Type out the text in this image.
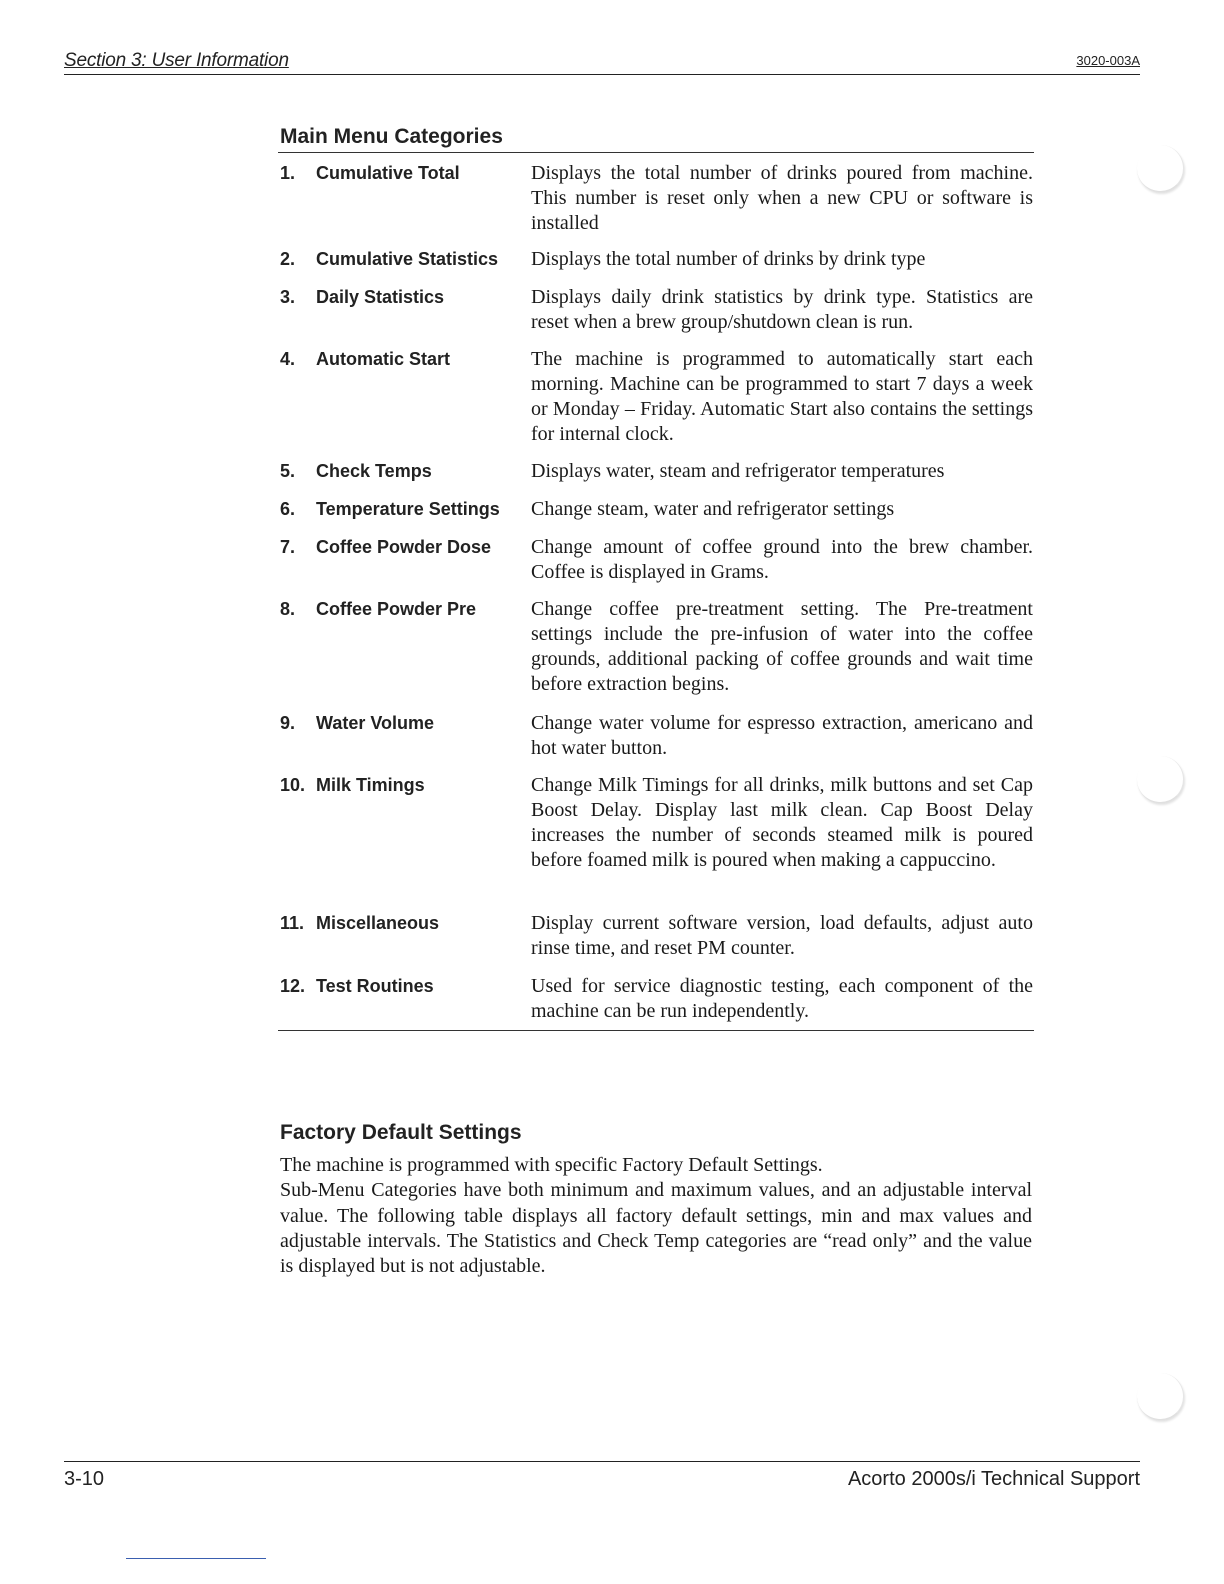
Section 3: User Information	3020-003A
Main Menu Categories
1.	Cumulative Total	Displays the total number of drinks poured from machine. This number is reset only when a new CPU or software is installed
2.	Cumulative Statistics	Displays the total number of drinks by drink type
3.	Daily Statistics	Displays daily drink statistics by drink type. Statistics are reset when a brew group/shutdown clean is run.
4.	Automatic Start	The machine is programmed to automatically start each morning. Machine can be programmed to start 7 days a week or Monday – Friday. Automatic Start also contains the settings for internal clock.
5.	Check Temps	Displays water, steam and refrigerator temperatures
6.	Temperature Settings	Change steam, water and refrigerator settings
7.	Coffee Powder Dose	Change amount of coffee ground into the brew chamber. Coffee is displayed in Grams.
8.	Coffee Powder Pre	Change coffee pre-treatment setting. The Pre-treatment settings include the pre-infusion of water into the coffee grounds, additional packing of coffee grounds and wait time before extraction begins.
9.	Water Volume	Change water volume for espresso extraction, americano and hot water button.
10. Milk Timings	Change Milk Timings for all drinks, milk buttons and set Cap Boost Delay. Display last milk clean. Cap Boost Delay increases the number of seconds steamed milk is poured before foamed milk is poured when making a cappuccino.
11. Miscellaneous	Display current software version, load defaults, adjust auto rinse time, and reset PM counter.
12. Test Routines	Used for service diagnostic testing, each component of the machine can be run independently.
Factory Default Settings

The machine is programmed with specific Factory Default Settings.

Sub-Menu Categories have both minimum and maximum values, and an adjustable interval value. The following table displays all factory default settings, min and max values and adjustable intervals. The Statistics and Check Temp categories are “read only” and the value is displayed but is not adjustable.

3-10	Acorto 2000s/i Technical Support
